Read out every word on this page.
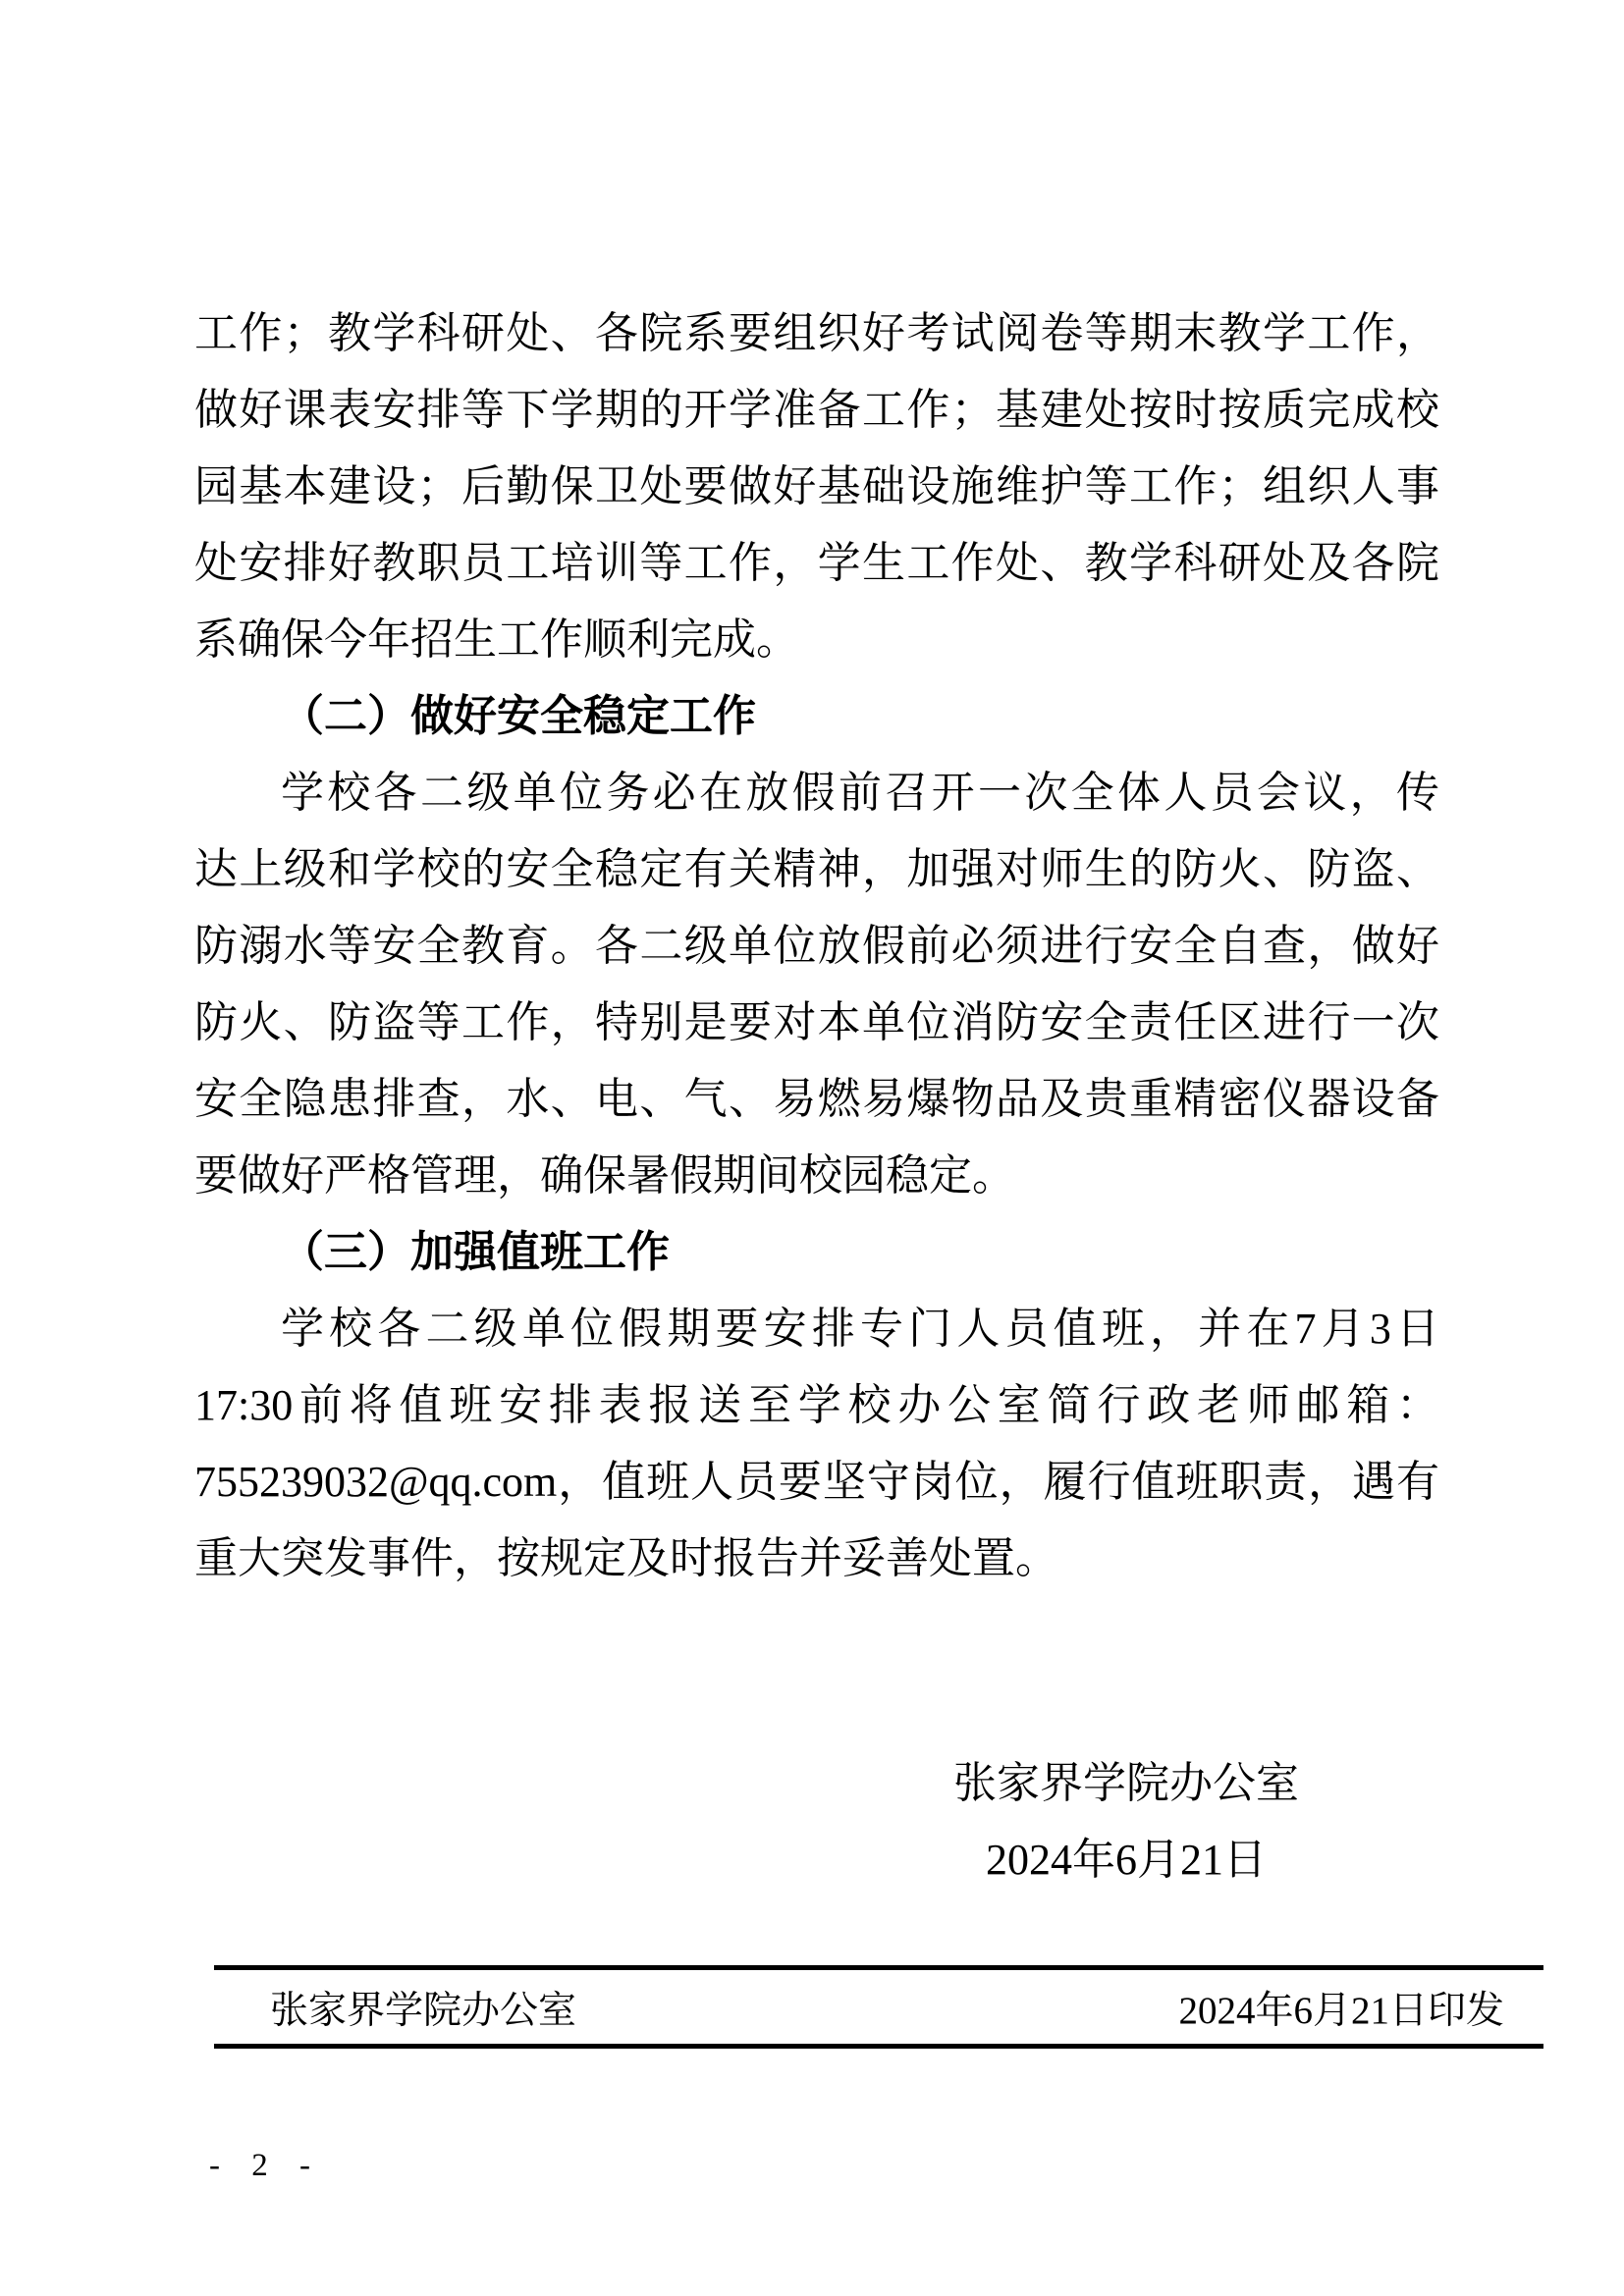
工作；教学科研处、各院系要组织好考试阅卷等期末教学工作，
做好课表安排等下学期的开学准备工作；基建处按时按质完成校
园基本建设；后勤保卫处要做好基础设施维护等工作；组织人事
处安排好教职员工培训等工作，学生工作处、教学科研处及各院
系确保今年招生工作顺利完成。
（二）做好安全稳定工作
学校各二级单位务必在放假前召开一次全体人员会议，传
达上级和学校的安全稳定有关精神，加强对师生的防火、防盗、
防溺水等安全教育。各二级单位放假前必须进行安全自查，做好
防火、防盗等工作，特别是要对本单位消防安全责任区进行一次
安全隐患排查，水、电、气、易燃易爆物品及贵重精密仪器设备
要做好严格管理，确保暑假期间校园稳定。
（三）加强值班工作
学校各二级单位假期要安排专门人员值班，并在7月3日
17:30前将值班安排表报送至学校办公室简行政老师邮箱：
755239032@qq.com，值班人员要坚守岗位，履行值班职责，遇有
重大突发事件，按规定及时报告并妥善处置。
张家界学院办公室
2024年6月21日
张家界学院办公室	2024年6月21日印发
- 2 -
